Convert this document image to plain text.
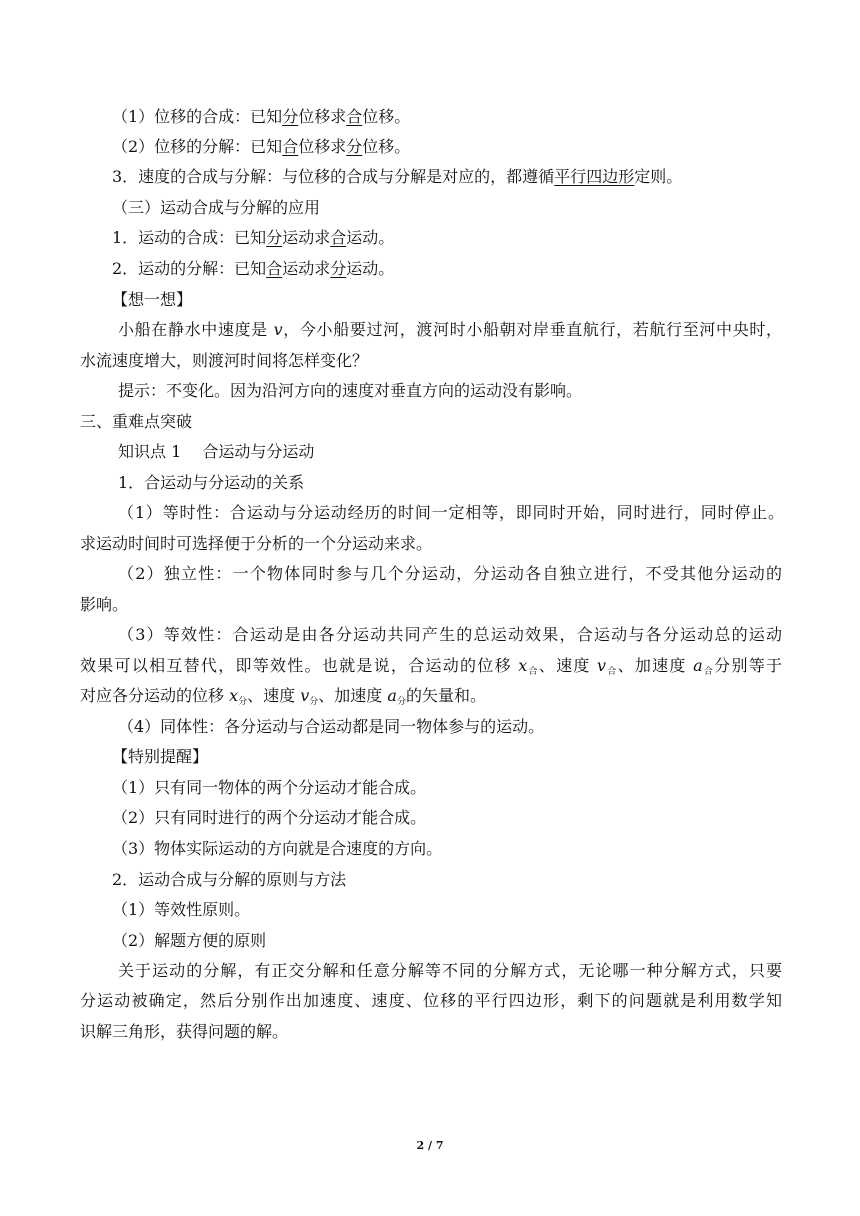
（1）位移的合成：已知分位移求合位移。
（2）位移的分解：已知合位移求分位移。
3．速度的合成与分解：与位移的合成与分解是对应的，都遵循平行四边形定则。
（三）运动合成与分解的应用
1．运动的合成：已知分运动求合运动。
2．运动的分解：已知合运动求分运动。
【想一想】
小船在静水中速度是 v，今小船要过河，渡河时小船朝对岸垂直航行，若航行至河中央时，
水流速度增大，则渡河时间将怎样变化？
提示：不变化。因为沿河方向的速度对垂直方向的运动没有影响。
三、重难点突破
知识点 1　 合运动与分运动
1．合运动与分运动的关系
（1）等时性：合运动与分运动经历的时间一定相等，即同时开始，同时进行，同时停止。
求运动时间时可选择便于分析的一个分运动来求。
（2）独立性：一个物体同时参与几个分运动，分运动各自独立进行，不受其他分运动的
影响。
（3）等效性：合运动是由各分运动共同产生的总运动效果，合运动与各分运动总的运动
效果可以相互替代，即等效性。也就是说，合运动的位移 $x_合$、速度 $v_合$、加速度 $a_合$分别等于
对应各分运动的位移 $x_分$、速度 $v_分$、加速度 $a_分$的矢量和。
（4）同体性：各分运动与合运动都是同一物体参与的运动。
【特别提醒】
（1）只有同一物体的两个分运动才能合成。
（2）只有同时进行的两个分运动才能合成。
（3）物体实际运动的方向就是合速度的方向。
2．运动合成与分解的原则与方法
（1）等效性原则。
（2）解题方便的原则
关于运动的分解，有正交分解和任意分解等不同的分解方式，无论哪一种分解方式，只要
分运动被确定，然后分别作出加速度、速度、位移的平行四边形，剩下的问题就是利用数学知
识解三角形，获得问题的解。
2 / 7
